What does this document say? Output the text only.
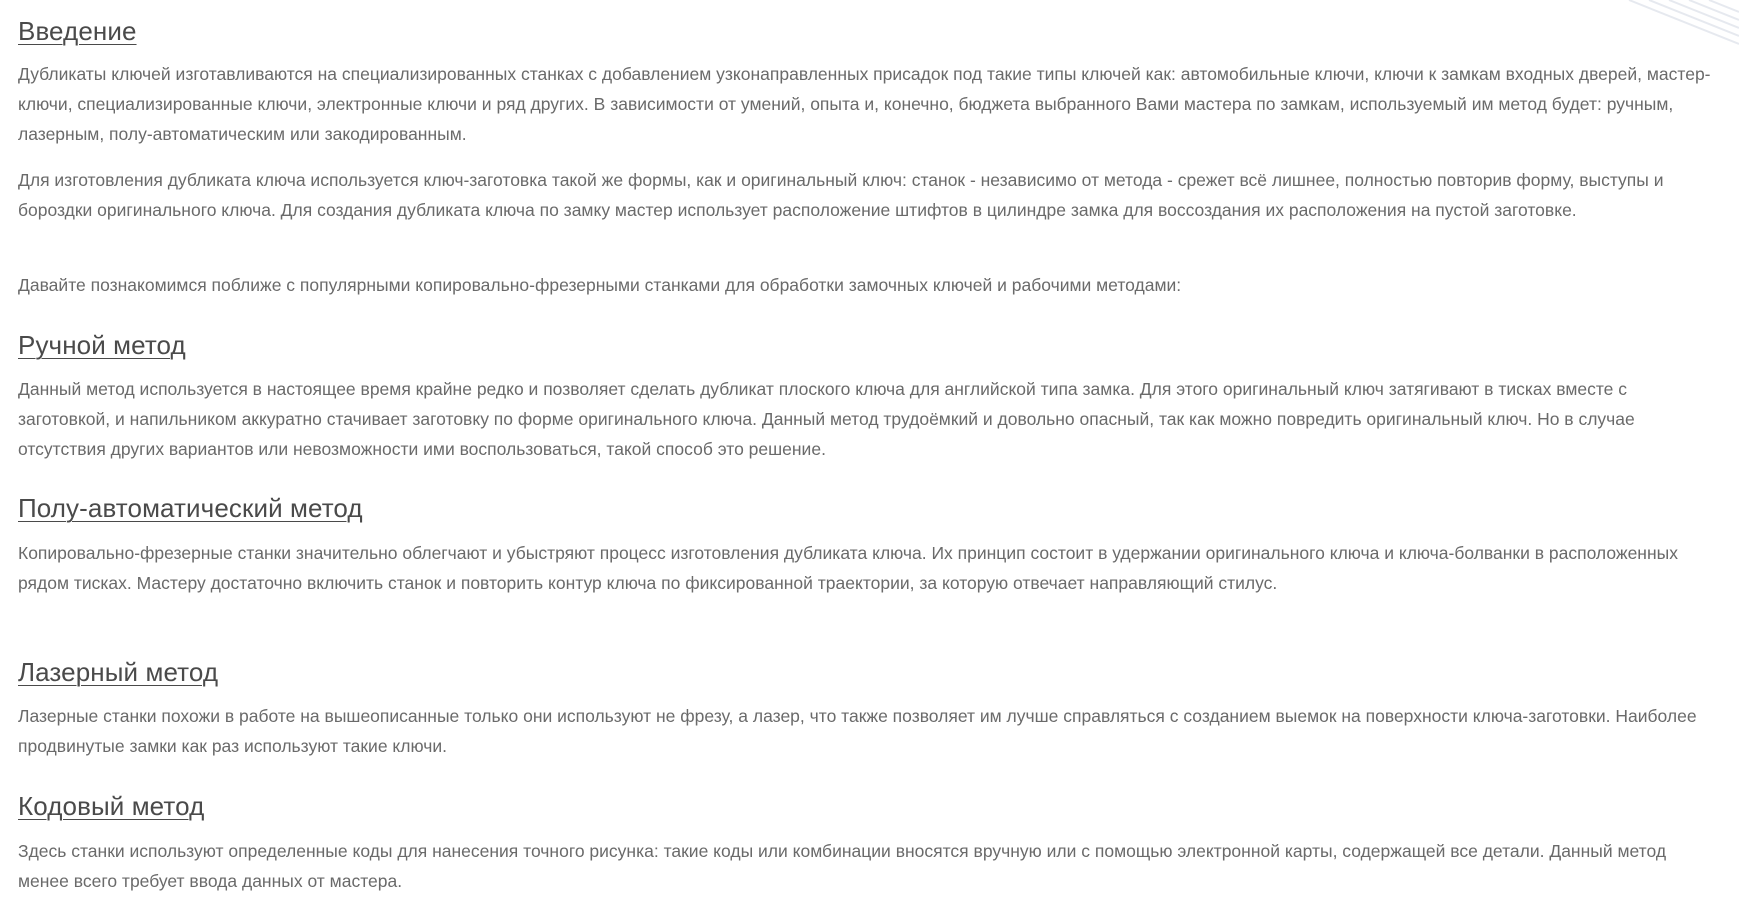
Введение

Дубликаты ключей изготавливаются на специализированных станках с добавлением узконаправленных присадок под такие типы ключей как: автомобильные ключи, ключи к замкам входных дверей, мастер-ключи, специализированные ключи, электронные ключи и ряд других. В зависимости от умений, опыта и, конечно, бюджета выбранного Вами мастера по замкам, используемый им метод будет: ручным, лазерным, полу-автоматическим или закодированным.

Для изготовления дубликата ключа используется ключ-заготовка такой же формы, как и оригинальный ключ: станок - независимо от метода - срежет всё лишнее, полностью повторив форму, выступы и бороздки оригинального ключа. Для создания дубликата ключа по замку мастер использует расположение штифтов в цилиндре замка для воссоздания их расположения на пустой заготовке.

Давайте познакомимся поближе с популярными копировально-фрезерными станками для обработки замочных ключей и рабочими методами:

Ручной метод

Данный метод используется в настоящее время крайне редко и позволяет сделать дубликат плоского ключа для английской типа замка. Для этого оригинальный ключ затягивают в тисках вместе с заготовкой, и напильником аккуратно стачивает заготовку по форме оригинального ключа. Данный метод трудоёмкий и довольно опасный, так как можно повредить оригинальный ключ. Но в случае отсутствия других вариантов или невозможности ими воспользоваться, такой способ это решение.

Полу-автоматический метод

Копировально-фрезерные станки значительно облегчают и убыстряют процесс изготовления дубликата ключа. Их принцип состоит в удержании оригинального ключа и ключа-болванки в расположенных рядом тисках. Мастеру достаточно включить станок и повторить контур ключа по фиксированной траектории, за которую отвечает направляющий стилус.

Лазерный метод

Лазерные станки похожи в работе на вышеописанные только они используют не фрезу, а лазер, что также позволяет им лучше справляться с созданием выемок на поверхности ключа-заготовки. Наиболее продвинутые замки как раз используют такие ключи.

Кодовый метод

Здесь станки используют определенные коды для нанесения точного рисунка: такие коды или комбинации вносятся вручную или с помощью электронной карты, содержащей все детали. Данный метод менее всего требует ввода данных от мастера.
